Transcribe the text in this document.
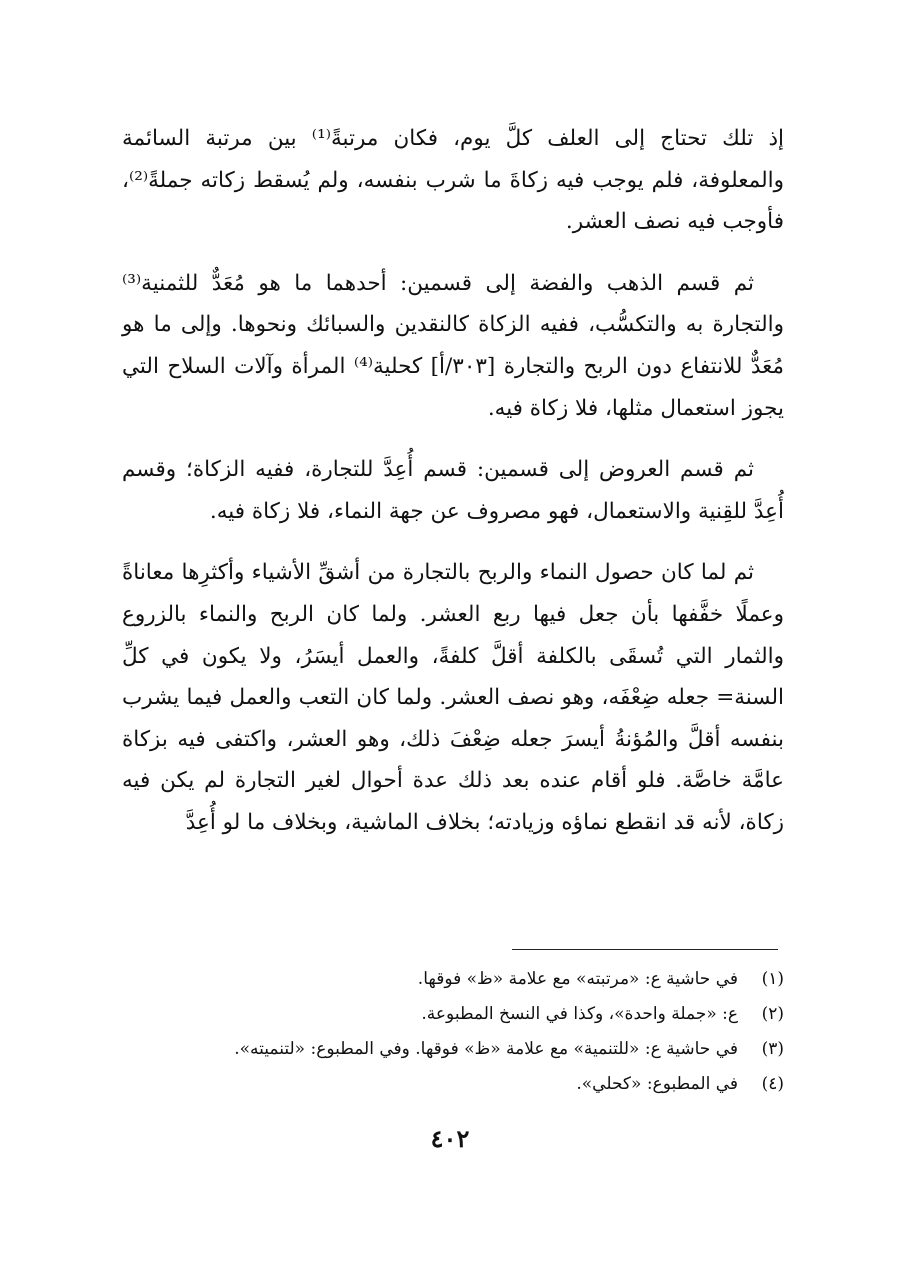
إذ تلك تحتاج إلى العلف كلَّ يوم، فكان مرتبةً⁽¹⁾ بين مرتبة السائمة والمعلوفة، فلم يوجب فيه زكاةَ ما شرب بنفسه، ولم يُسقط زكاته جملةً⁽²⁾، فأوجب فيه نصف العشر.

ثم قسم الذهب والفضة إلى قسمين: أحدهما ما هو مُعَدٌّ للثمنية⁽³⁾ والتجارة به والتكسُّب، ففيه الزكاة كالنقدين والسبائك ونحوها. وإلى ما هو مُعَدٌّ للانتفاع دون الربح والتجارة [٣٠٣/أ] كحلية⁽⁴⁾ المرأة وآلات السلاح التي يجوز استعمال مثلها، فلا زكاة فيه.

ثم قسم العروض إلى قسمين: قسم أُعِدَّ للتجارة، ففيه الزكاة؛ وقسم أُعِدَّ للقِنية والاستعمال، فهو مصروف عن جهة النماء، فلا زكاة فيه.

ثم لما كان حصول النماء والربح بالتجارة من أشقِّ الأشياء وأكثرِها معاناةً وعملًا خفَّفها بأن جعل فيها ربع العشر. ولما كان الربح والنماء بالزروع والثمار التي تُسقَى بالكلفة أقلَّ كلفةً، والعمل أيسَرُ، ولا يكون في كلِّ السنة= جعله ضِعْفَه، وهو نصف العشر. ولما كان التعب والعمل فيما يشرب بنفسه أقلَّ والمُؤنةُ أيسرَ جعله ضِعْفَ ذلك، وهو العشر، واكتفى فيه بزكاة عامَّة خاصَّة. فلو أقام عنده بعد ذلك عدة أحوال لغير التجارة لم يكن فيه زكاة، لأنه قد انقطع نماؤه وزيادته؛ بخلاف الماشية، وبخلاف ما لو أُعِدَّ

(١)
في حاشية ع: «مرتبته» مع علامة «ظ» فوقها.
(٢)
ع: «جملة واحدة»، وكذا في النسخ المطبوعة.
(٣)
في حاشية ع: «للتنمية» مع علامة «ظ» فوقها. وفي المطبوع: «لتنميته».
(٤)
في المطبوع: «كحلي».
٤٠٢
